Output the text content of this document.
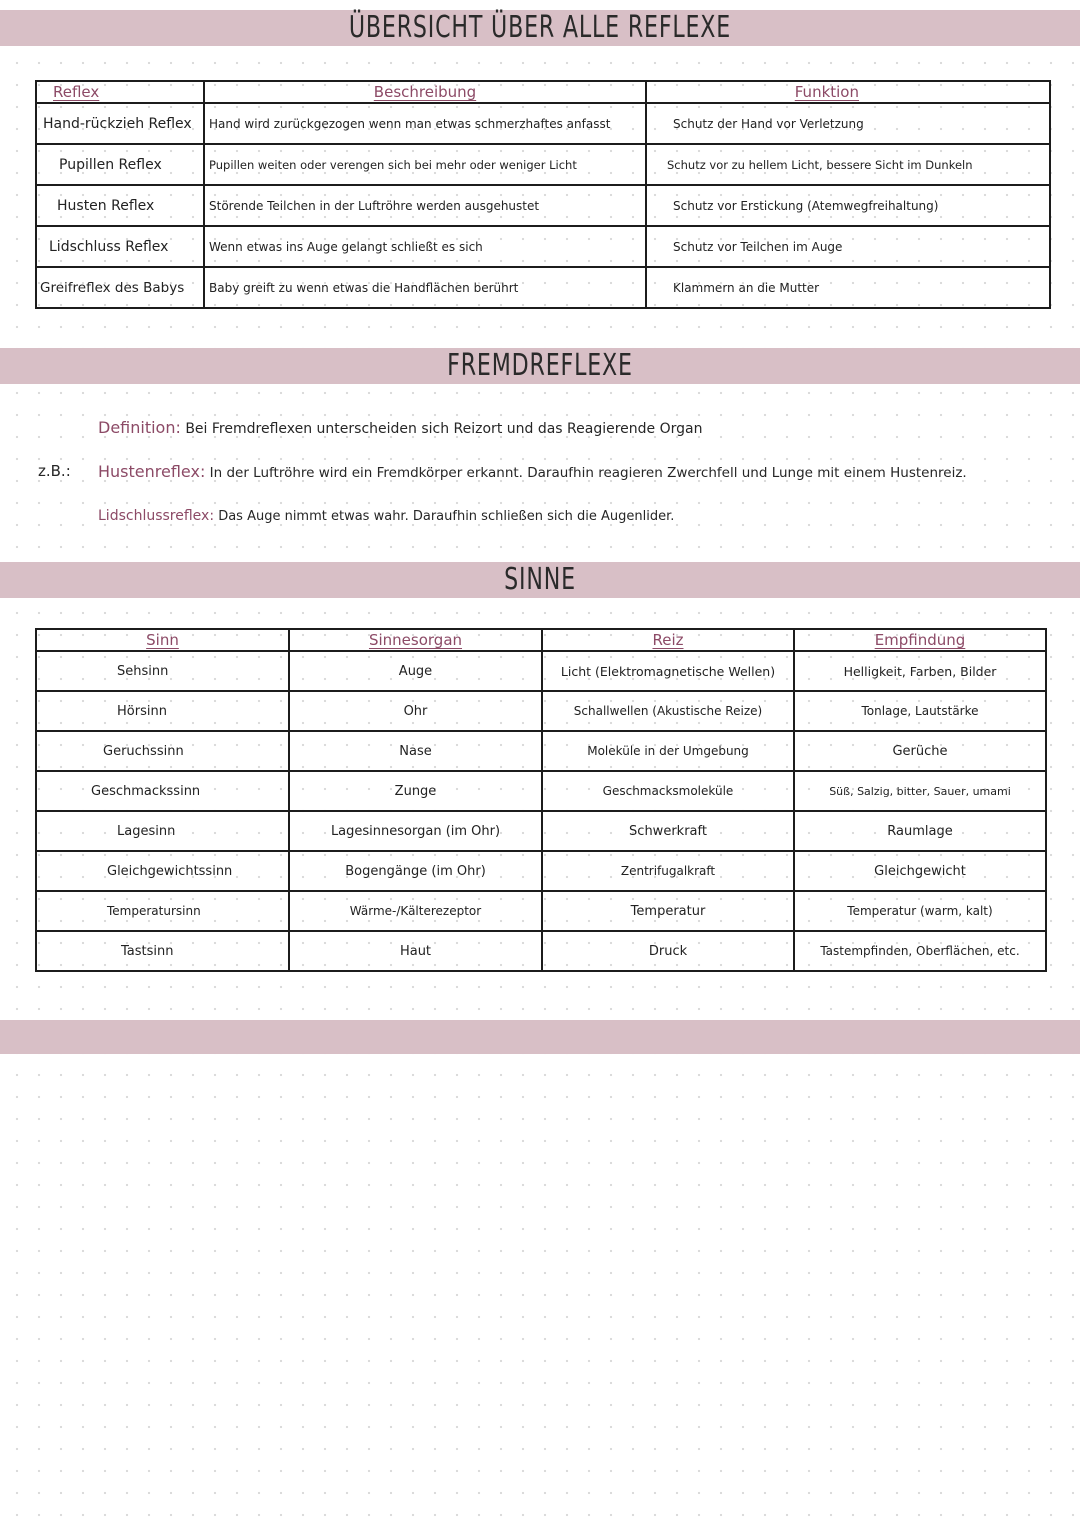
ÜBERSICHT ÜBER ALLE REFLEXE
Reflex	Beschreibung	Funktion
Hand-rückzieh Reflex	Hand wird zurückgezogen wenn man etwas schmerzhaftes anfasst	Schutz der Hand vor Verletzung
Pupillen Reflex	Pupillen weiten oder verengen sich bei mehr oder weniger Licht	Schutz vor zu hellem Licht, bessere Sicht im Dunkeln
Husten Reflex	Störende Teilchen in der Luftröhre werden ausgehustet	Schutz vor Erstickung (Atemwegfreihaltung)
Lidschluss Reflex	Wenn etwas ins Auge gelangt schließt es sich	Schutz vor Teilchen im Auge
Greifreflex des Babys	Baby greift zu wenn etwas die Handflächen berührt	Klammern an die Mutter
FREMDREFLEXE
Definition: Bei Fremdreflexen unterscheiden sich Reizort und das Reagierende Organ
z.B.: Hustenreflex: In der Luftröhre wird ein Fremdkörper erkannt. Daraufhin reagieren Zwerchfell und Lunge mit einem Hustenreiz.
Lidschlussreflex: Das Auge nimmt etwas wahr. Daraufhin schließen sich die Augenlider.
SINNE
Sinn	Sinnesorgan	Reiz	Empfindung
Sehsinn	Auge	Licht (Elektromagnetische Wellen)	Helligkeit, Farben, Bilder
Hörsinn	Ohr	Schallwellen (Akustische Reize)	Tonlage, Lautstärke
Geruchssinn	Nase	Moleküle in der Umgebung	Gerüche
Geschmackssinn	Zunge	Geschmacksmoleküle	Süß, Salzig, bitter, Sauer, umami
Lagesinn	Lagesinnesorgan (im Ohr)	Schwerkraft	Raumlage
Gleichgewichtssinn	Bogengänge (im Ohr)	Zentrifugalkraft	Gleichgewicht
Temperatursinn	Wärme-/Kälterezeptor	Temperatur	Temperatur (warm, kalt)
Tastsinn	Haut	Druck	Tastempfinden, Oberflächen, etc.
